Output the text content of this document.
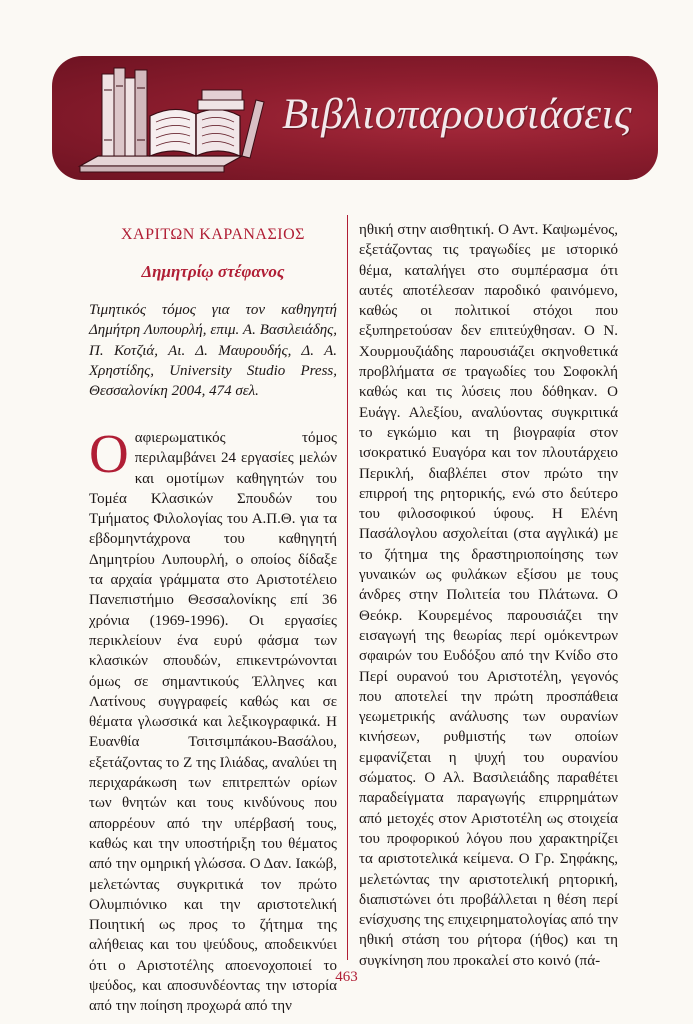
Βιβλιοπαρουσιάσεις
ΧΑΡΙΤΩΝ ΚΑΡΑΝΑΣΙΟΣ
Δημητρίῳ στέφανος
Τιμητικός τόμος για τον καθηγητή Δημήτρη Λυπουρλή, επιμ. Α. Βασιλειάδης, Π. Κοτζιά, Αι. Δ. Μαυρουδής, Δ. Α. Χρηστίδης, University Studio Press, Θεσσαλονίκη 2004, 474 σελ.
Ο αφιερωματικός τόμος περιλαμβάνει 24 εργασίες μελών και ομοτίμων καθηγητών του Τομέα Κλασικών Σπουδών του Τμήματος Φιλολογίας του Α.Π.Θ. για τα εβδομηντάχρονα του καθηγητή Δημητρίου Λυπουρλή, ο οποίος δίδαξε τα αρχαία γράμματα στο Αριστοτέλειο Πανεπιστήμιο Θεσσαλονίκης επί 36 χρόνια (1969-1996). Οι εργασίες περικλείουν ένα ευρύ φάσμα των κλασικών σπουδών, επικεντρώνονται όμως σε σημαντικούς Έλληνες και Λατίνους συγγραφείς καθώς και σε θέματα γλωσσικά και λεξικογραφικά. Η Ευανθία Τσιτσιμπάκου-Βασάλου, εξετάζοντας το Ζ της Ιλιάδας, αναλύει τη περιχαράκωση των επιτρεπτών ορίων των θνητών και τους κινδύνους που απορρέουν από την υπέρβασή τους, καθώς και την υποστήριξη του θέματος από την ομηρική γλώσσα. Ο Δαν. Ιακώβ, μελετώντας συγκριτικά τον πρώτο Ολυμπιόνικο και την αριστοτελική Ποιητική ως προς το ζήτημα της αλήθειας και του ψεύδους, αποδεικνύει ότι ο Αριστοτέλης αποενοχοποιεί το ψεύδος, και αποσυνδέοντας την ιστορία από την ποίηση προχωρά από την

ηθική στην αισθητική. Ο Αντ. Καψωμένος, εξετάζοντας τις τραγωδίες με ιστορικό θέμα, καταλήγει στο συμπέρασμα ότι αυτές αποτέλεσαν παροδικό φαινόμενο, καθώς οι πολιτικοί στόχοι που εξυπηρετούσαν δεν επιτεύχθησαν. Ο Ν. Χουρμουζιάδης παρουσιάζει σκηνοθετικά προβλήματα σε τραγωδίες του Σοφοκλή καθώς και τις λύσεις που δόθηκαν. Ο Ευάγγ. Αλεξίου, αναλύοντας συγκριτικά το εγκώμιο και τη βιογραφία στον ισοκρατικό Ευαγόρα και τον πλουτάρχειο Περικλή, διαβλέπει στον πρώτο την επιρροή της ρητορικής, ενώ στο δεύτερο του φιλοσοφικού ύφους. Η Ελένη Πασάλογλου ασχολείται (στα αγγλικά) με το ζήτημα της δραστηριοποίησης των γυναικών ως φυλάκων εξίσου με τους άνδρες στην Πολιτεία του Πλάτωνα. Ο Θεόκρ. Κουρεμένος παρουσιάζει την εισαγωγή της θεωρίας περί ομόκεντρων σφαιρών του Ευδόξου από την Κνίδο στο Περί ουρανού του Αριστοτέλη, γεγονός που αποτελεί την πρώτη προσπάθεια γεωμετρικής ανάλυσης των ουρανίων κινήσεων, ρυθμιστής των οποίων εμφανίζεται η ψυχή του ουρανίου σώματος. Ο Αλ. Βασιλειάδης παραθέτει παραδείγματα παραγωγής επιρρημάτων από μετοχές στον Αριστοτέλη ως στοιχεία του προφορικού λόγου που χαρακτηρίζει τα αριστοτελικά κείμενα. Ο Γρ. Σηφάκης, μελετώντας την αριστοτελική ρητορική, διαπιστώνει ότι προβάλλεται η θέση περί ενίσχυσης της επιχειρηματολογίας από την ηθική στάση του ρήτορα (ήθος) και τη συγκίνηση που προκαλεί στο κοινό (πά-

463
